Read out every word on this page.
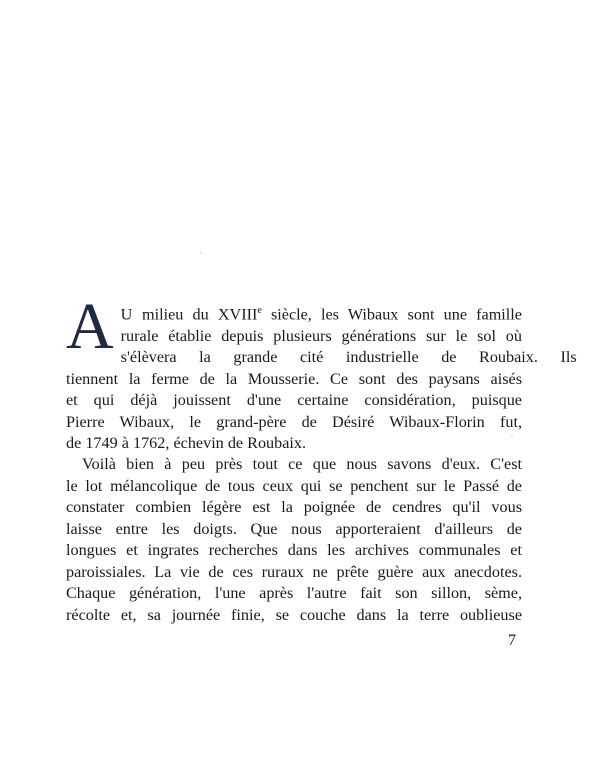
⸱
⸱
A U milieu du XVIIIe siècle, les Wibaux sont une famille
rurale établie depuis plusieurs générations sur le sol où
s'élèvera la grande cité industrielle de Roubaix. Ils
tiennent la ferme de la Mousserie. Ce sont des paysans aisés
et qui déjà jouissent d'une certaine considération, puisque
Pierre Wibaux, le grand-père de Désiré Wibaux-Florin fut,
de 1749 à 1762, échevin de Roubaix.
Voilà bien à peu près tout ce que nous savons d'eux. C'est
le lot mélancolique de tous ceux qui se penchent sur le Passé de
constater combien légère est la poignée de cendres qu'il vous
laisse entre les doigts. Que nous apporteraient d'ailleurs de
longues et ingrates recherches dans les archives communales et
paroissiales. La vie de ces ruraux ne prête guère aux anecdotes.
Chaque génération, l'une après l'autre fait son sillon, sème,
récolte et, sa journée finie, se couche dans la terre oublieuse
7
